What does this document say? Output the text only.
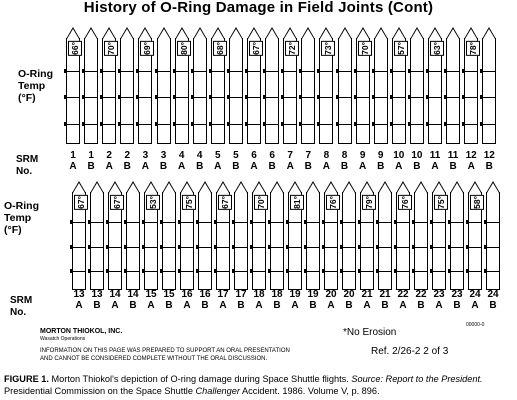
History of O-Ring Damage in Field Joints (Cont)
O-Ring
Temp
(°F)
O-Ring
Temp
(°F)
SRM
No.
SRM
No.
66°
1
A
1
B
70°
2
A
2
B
69°
3
A
3
B
80°
4
A
4
B
68°
5
A
5
B
67°
6
A
6
B
72°
7
A
7
B
73°
8
A
8
B
70°
9
A
9
B
57°
10
A
10
B
63°
11
A
11
B
78°
12
A
12
B
67°
13
A
13
B
67°
14
A
14
B
53°
15
A
15
B
75°
16
A
16
B
67°
17
A
17
B
70°
18
A
18
B
81°
19
A
19
B
76°
20
A
20
B
79°
21
A
21
B
76°
22
A
22
B
75°
23
A
23
B
58°
24
A
24
B
MORTON THIOKOL, INC.
Wasatch Operations
*No Erosion
00000-0
INFORMATION ON THIS PAGE WAS PREPARED TO SUPPORT AN ORAL PRESENTATION
AND CANNOT BE CONSIDERED COMPLETE WITHOUT THE ORAL DISCUSSION.
Ref. 2/26-2 2 of 3
FIGURE 1. Morton Thiokol's depiction of O-ring damage during Space Shuttle flights. Source: Report to the President.
Presidential Commission on the Space Shuttle Challenger Accident. 1986. Volume V, p. 896.
